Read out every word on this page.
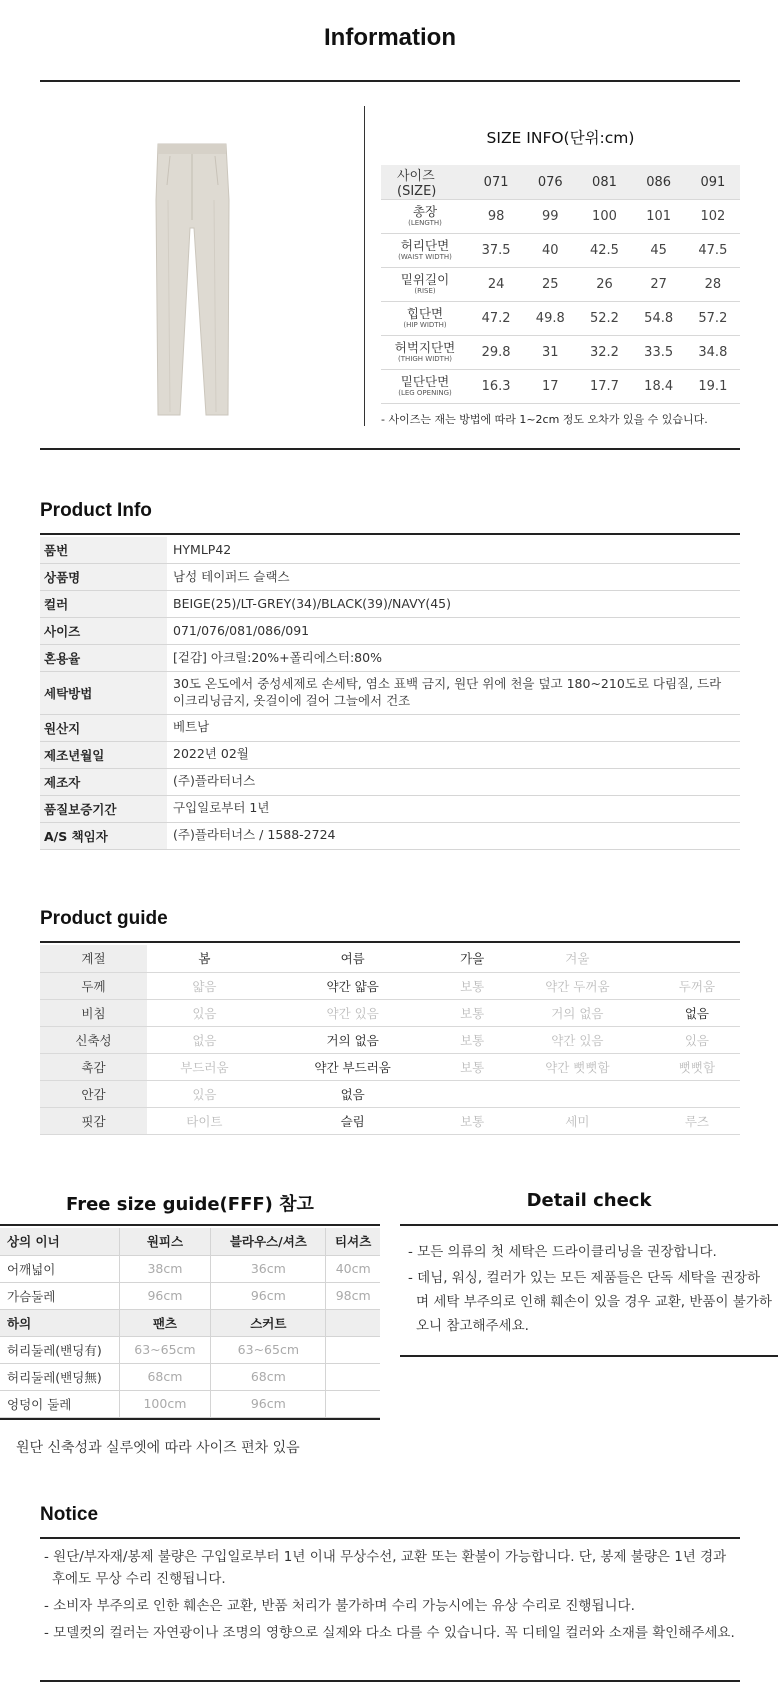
Information
SIZE INFO(단위:cm)
사이즈(SIZE)	071	076	081	086	091

총장
(LENGTH)	98	99	100	101	102

허리단면
(WAIST WIDTH)	37.5	40	42.5	45	47.5

밑위길이
(RISE)	24	25	26	27	28

힙단면
(HIP WIDTH)	47.2	49.8	52.2	54.8	57.2

허벅지단면
(THIGH WIDTH)	29.8	31	32.2	33.5	34.8

밑단단면
(LEG OPENING)	16.3	17	17.7	18.4	19.1
- 사이즈는 재는 방법에 따라 1~2cm 정도 오차가 있을 수 있습니다.
Product Info
품번	HYMLP42
상품명	남성 테이퍼드 슬랙스
컬러	BEIGE(25)/LT-GREY(34)/BLACK(39)/NAVY(45)
사이즈	071/076/081/086/091
혼용율	[겉감] 아크릴:20%+폴리에스터:80%
세탁방법	30도 온도에서 중성세제로 손세탁, 염소 표백 금지, 원단 위에 천을 덮고 180~210도로 다림질, 드라이크리닝금지, 옷걸이에 걸어 그늘에서 건조
원산지	베트남
제조년월일	2022년 02월
제조자	(주)플라터너스
품질보증기간	구입일로부터 1년
A/S 책임자	(주)플라터너스 / 1588-2724
Product guide
계절	봄	여름	가을	겨울	
두께	얇음	약간 얇음	보통	약간 두꺼움	두꺼움
비침	있음	약간 있음	보통	거의 없음	없음
신축성	없음	거의 없음	보통	약간 있음	있음
촉감	부드러움	약간 부드러움	보통	약간 뻣뻣함	뻣뻣함
안감	있음	없음			
핏감	타이트	슬림	보통	세미	루즈
Free size guide(FFF) 참고	Detail check
상의 이너	원피스	블라우스/셔츠	티셔츠
어깨넓이	38cm	36cm	40cm
가슴둘레	96cm	96cm	98cm
하의	팬츠	스커트	
허리둘레(밴딩有)	63~65cm	63~65cm	
허리둘레(밴딩無)	68cm	68cm	
엉덩이 둘레	100cm	96cm	
원단 신축성과 실루엣에 따라 사이즈 편차 있음

- 모든 의류의 첫 세탁은 드라이클리닝을 권장합니다.

- 데님, 워싱, 컬러가 있는 모든 제품들은 단독 세탁을 권장하며 세탁 부주의로 인해 훼손이 있을 경우 교환, 반품이 불가하오니 참고해주세요.

Notice

- 원단/부자재/봉제 불량은 구입일로부터 1년 이내 무상수선, 교환 또는 환불이 가능합니다. 단, 봉제 불량은 1년 경과 후에도 무상 수리 진행됩니다.

- 소비자 부주의로 인한 훼손은 교환, 반품 처리가 불가하며 수리 가능시에는 유상 수리로 진행됩니다.

- 모델컷의 컬러는 자연광이나 조명의 영향으로 실제와 다소 다를 수 있습니다. 꼭 디테일 컬러와 소재를 확인해주세요.
